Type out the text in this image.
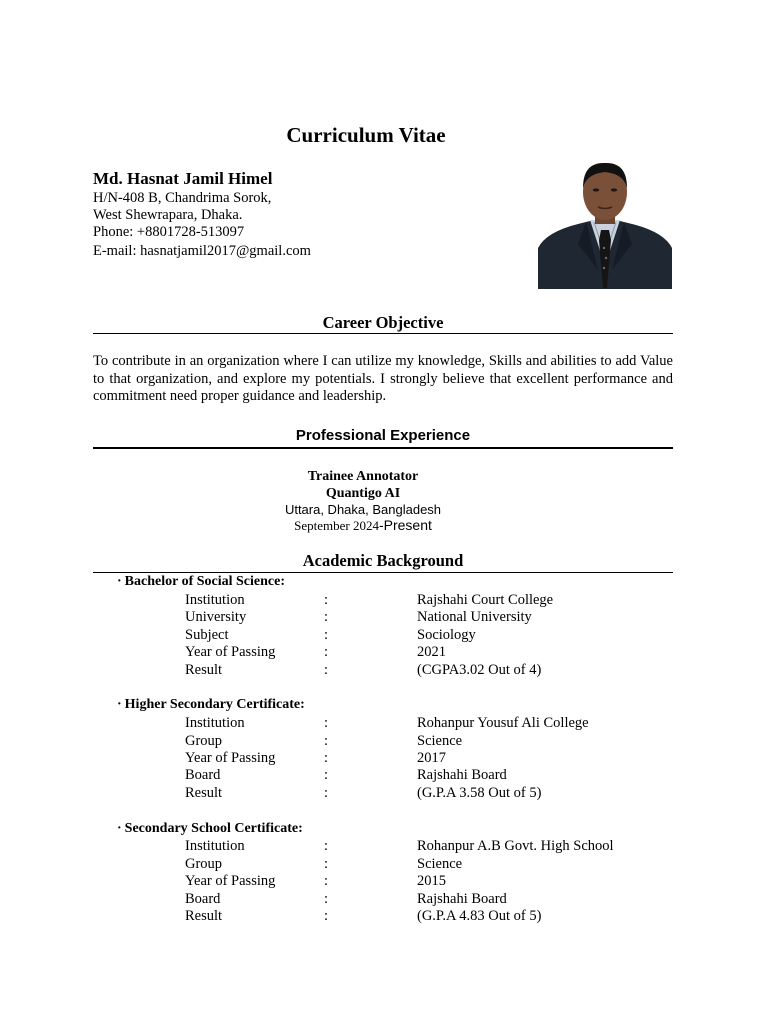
Curriculum Vitae
Md. Hasnat Jamil Himel
H/N-408 B, Chandrima Sorok,
West Shewrapara, Dhaka.
Phone: +8801728-513097
E-mail: hasnatjamil2017@gmail.com
Career Objective
To contribute in an organization where I can utilize my knowledge, Skills and abilities to add Value to that organization, and explore my potentials. I strongly believe that excellent performance and commitment need proper guidance and leadership.
Professional Experience
Trainee Annotator
Quantigo AI
Uttara, Dhaka, Bangladesh
September 2024-Present
Academic Background
· Bachelor of Social Science:
Institution	:	Rajshahi Court College
University	:	National University
Subject	:	Sociology
Year of Passing	:	2021
Result	:	(CGPA3.02 Out of 4)
· Higher Secondary Certificate:
Institution	:	Rohanpur Yousuf Ali College
Group	:	Science
Year of Passing	:	2017
Board	:	Rajshahi Board
Result	:	(G.P.A 3.58 Out of 5)
· Secondary School Certificate:
Institution	:	Rohanpur A.B Govt. High School
Group	:	Science
Year of Passing	:	2015
Board	:	Rajshahi Board
Result	:	(G.P.A 4.83 Out of 5)
